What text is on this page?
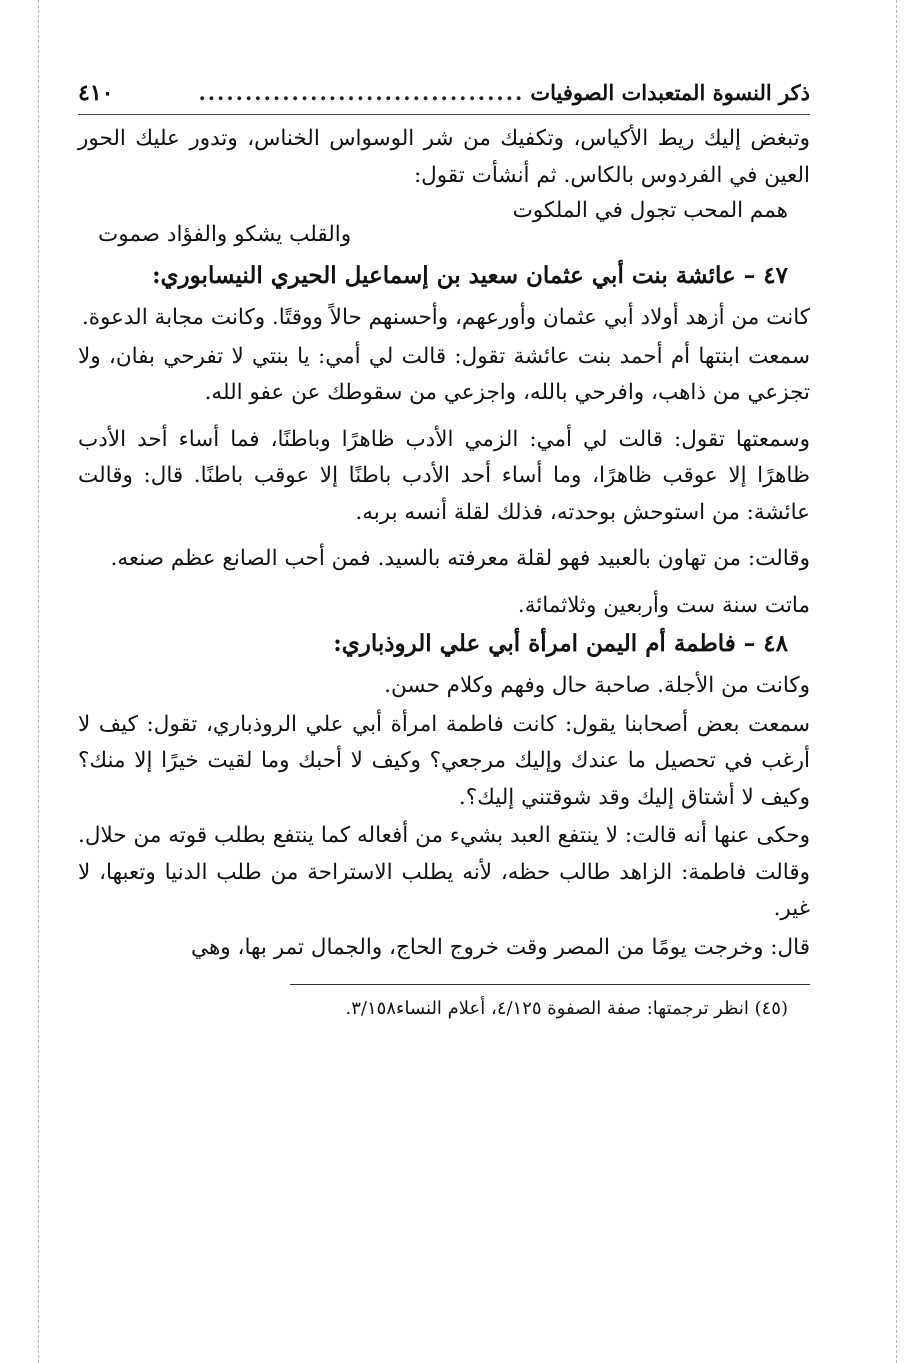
ذكر النسوة المتعبدات الصوفيات
...................................
٤١٠

وتبغض إليك ريط الأكياس، وتكفيك من شر الوسواس الخناس، وتدور عليك الحور العين في الفردوس بالكاس. ثم أنشأت تقول:

همم المحب تجول في الملكوت
والقلب يشكو والفؤاد صموت
٤٧ –عائشة بنت أبي عثمان سعيد بن إسماعيل الحيري النيسابوري:

كانت من أزهد أولاد أبي عثمان وأورعهم، وأحسنهم حالاً ووقتًا. وكانت مجابة الدعوة.

سمعت ابنتها أم أحمد بنت عائشة تقول: قالت لي أمي: يا بنتي لا تفرحي بفان، ولا تجزعي من ذاهب، وافرحي بالله، واجزعي من سقوطك عن عفو الله.

وسمعتها تقول: قالت لي أمي: الزمي الأدب ظاهرًا وباطنًا، فما أساء أحد الأدب ظاهرًا إلا عوقب ظاهرًا، وما أساء أحد الأدب باطنًا إلا عوقب باطنًا. قال: وقالت عائشة: من استوحش بوحدته، فذلك لقلة أنسه بربه.

وقالت: من تهاون بالعبيد فهو لقلة معرفته بالسيد. فمن أحب الصانع عظم صنعه.

ماتت سنة ست وأربعين وثلاثمائة.

٤٨ –فاطمة أم اليمن امرأة أبي علي الروذباري:

وكانت من الأجلة. صاحبة حال وفهم وكلام حسن.

سمعت بعض أصحابنا يقول: كانت فاطمة امرأة أبي علي الروذباري، تقول: كيف لا أرغب في تحصيل ما عندك وإليك مرجعي؟ وكيف لا أحبك وما لقيت خيرًا إلا منك؟ وكيف لا أشتاق إليك وقد شوقتني إليك؟.

وحكى عنها أنه قالت: لا ينتفع العبد بشيء من أفعاله كما ينتفع بطلب قوته من حلال. وقالت فاطمة: الزاهد طالب حظه، لأنه يطلب الاستراحة من طلب الدنيا وتعبها، لا غير.

قال: وخرجت يومًا من المصر وقت خروج الحاج، والجمال تمر بها، وهي

(٤٥) انظر ترجمتها: صفة الصفوة ٤/١٢٥، أعلام النساء٣/١٥٨.
